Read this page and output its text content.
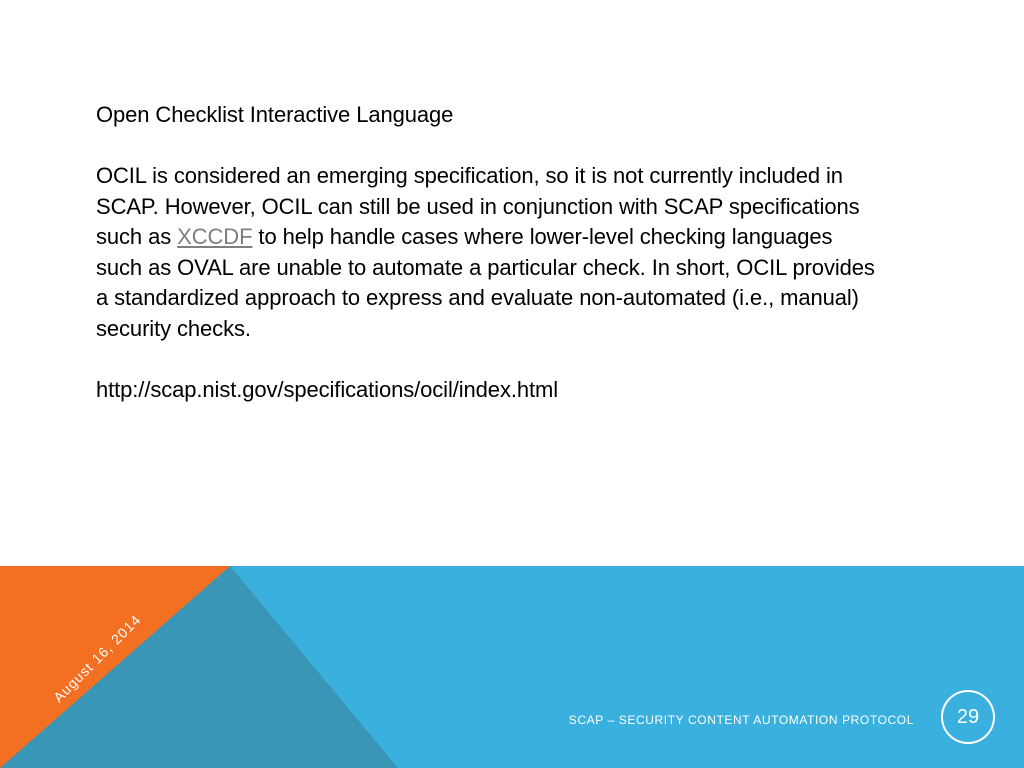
Open Checklist Interactive Language

OCIL is considered an emerging specification, so it is not currently included in SCAP. However, OCIL can still be used in conjunction with SCAP specifications such as XCCDF to help handle cases where lower-level checking languages such as OVAL are unable to automate a particular check. In short, OCIL provides a standardized approach to express and evaluate non-automated (i.e., manual) security checks.

http://scap.nist.gov/specifications/ocil/index.html

August 16, 2014
SCAP – SECURITY CONTENT AUTOMATION PROTOCOL	29
